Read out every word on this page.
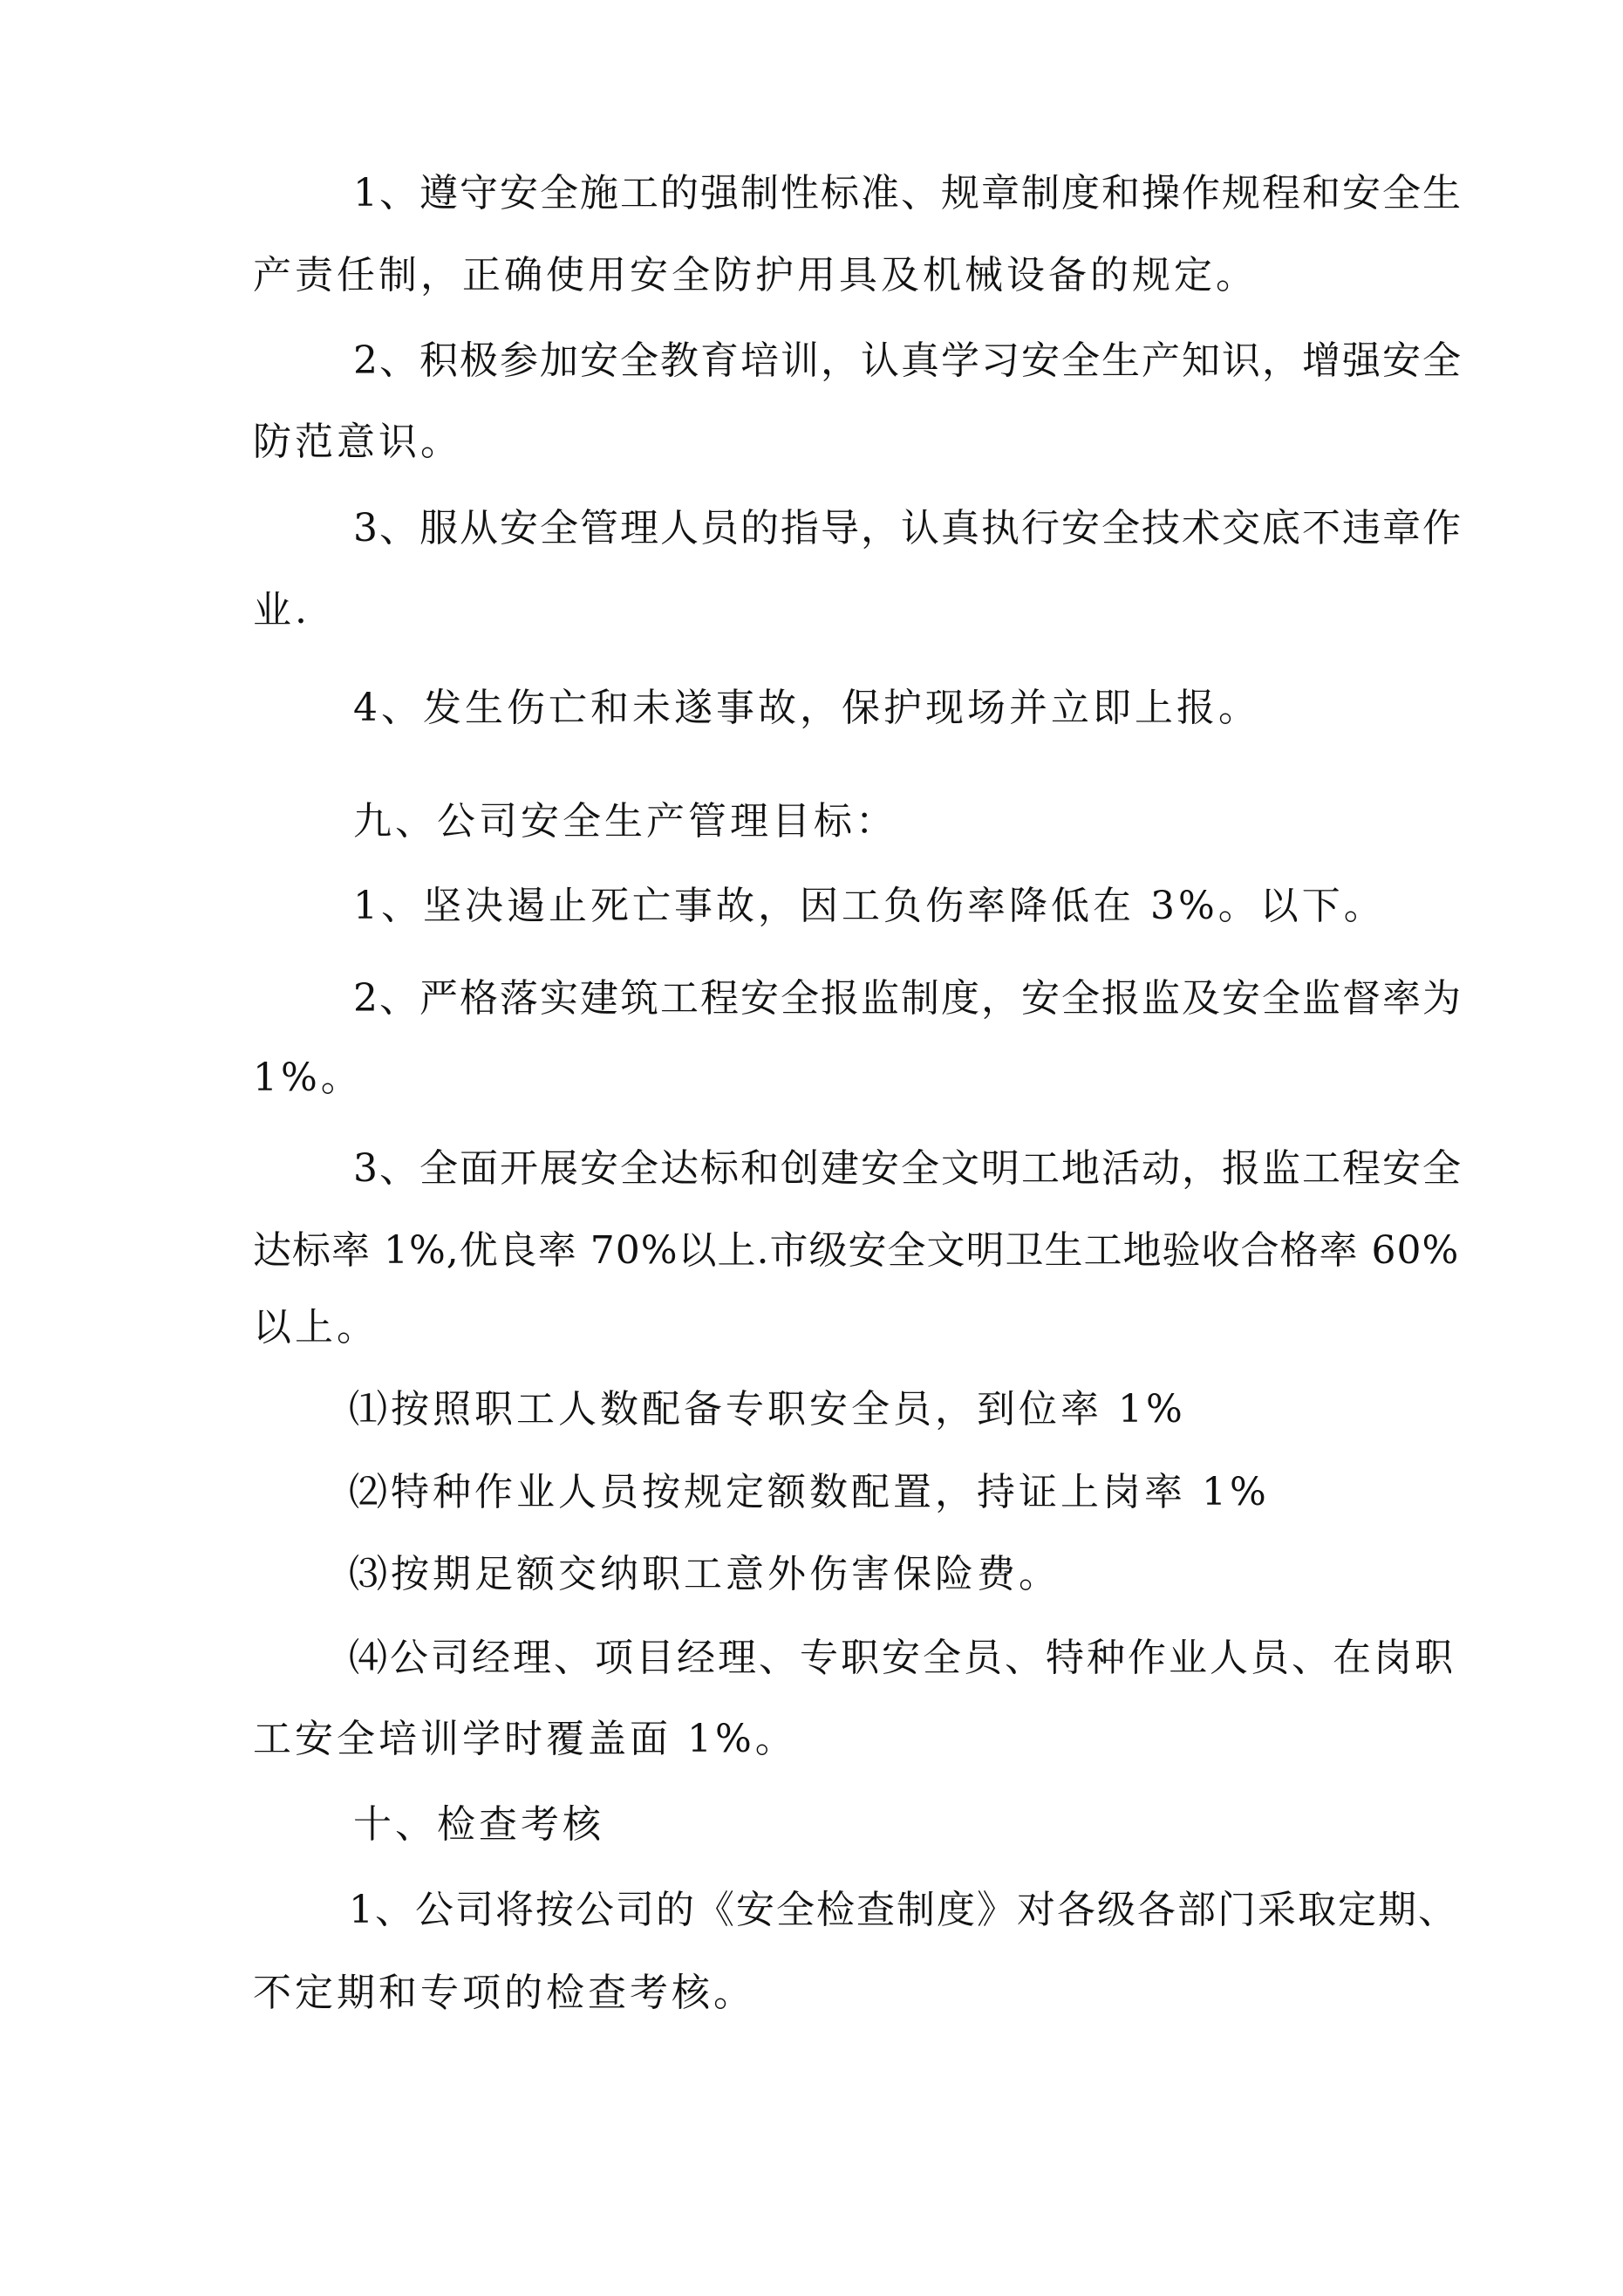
1、遵守安全施工的强制性标准、规章制度和操作规程和安全生
产责任制，正确使用安全防护用具及机械设备的规定。
2、积极参加安全教育培训，认真学习安全生产知识，增强安全
防范意识。
3、服从安全管理人员的指导，认真执行安全技术交底不违章作
业.
4、发生伤亡和未遂事故，保护现场并立即上报。
九、公司安全生产管理目标：
1、坚决遏止死亡事故，因工负伤率降低在 3%。以下。
2、严格落实建筑工程安全报监制度，安全报监及安全监督率为
1%。
3、全面开展安全达标和创建安全文明工地活动，报监工程安全
达标率 1%,优良率 70%以上.市级安全文明卫生工地验收合格率 60%
以上。
⑴按照职工人数配备专职安全员，到位率 1%
⑵特种作业人员按规定额数配置，持证上岗率 1%
⑶按期足额交纳职工意外伤害保险费。
⑷公司经理、项目经理、专职安全员、特种作业人员、在岗职
工安全培训学时覆盖面 1%。
十、检查考核
1、公司将按公司的《安全检查制度》对各级各部门采取定期、
不定期和专项的检查考核。
